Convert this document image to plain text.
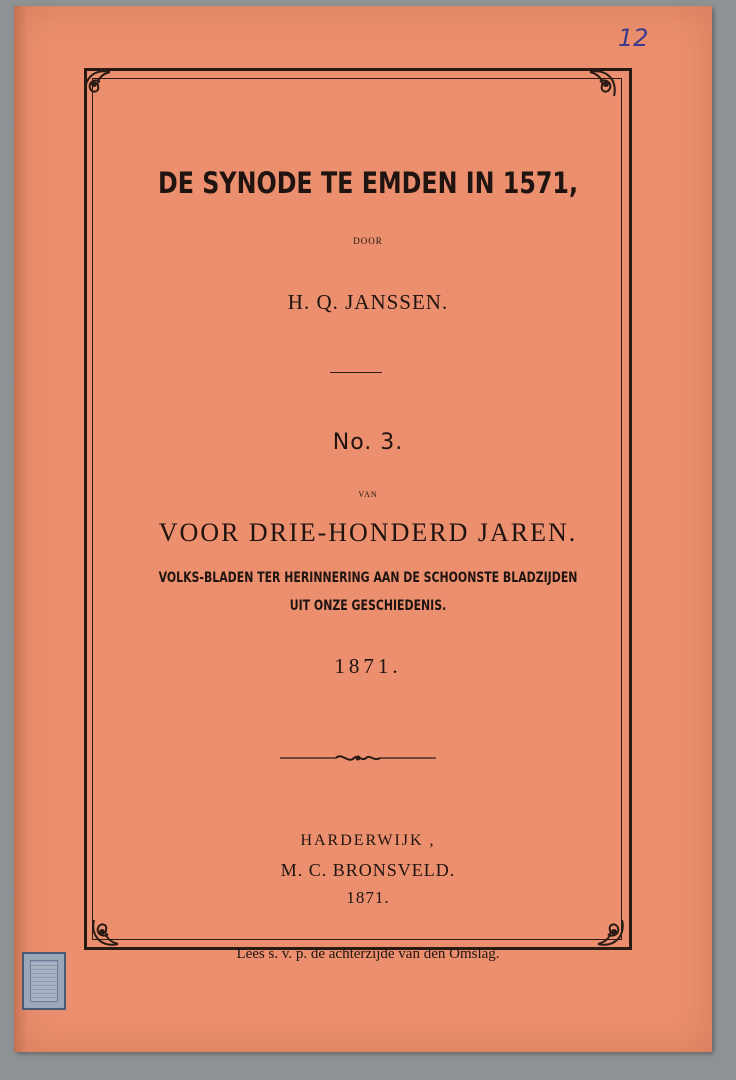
12
DE SYNODE TE EMDEN IN 1571,
DOOR
H. Q. JANSSEN.
No. 3.
VAN
VOOR DRIE-HONDERD JAREN.
VOLKS-BLADEN TER HERINNERING AAN DE SCHOONSTE BLADZIJDEN
UIT ONZE GESCHIEDENIS.
1871.
HARDERWIJK ,
M. C. BRONSVELD.
1871.
Lees s. v. p. de achterzijde van den Omslag.
